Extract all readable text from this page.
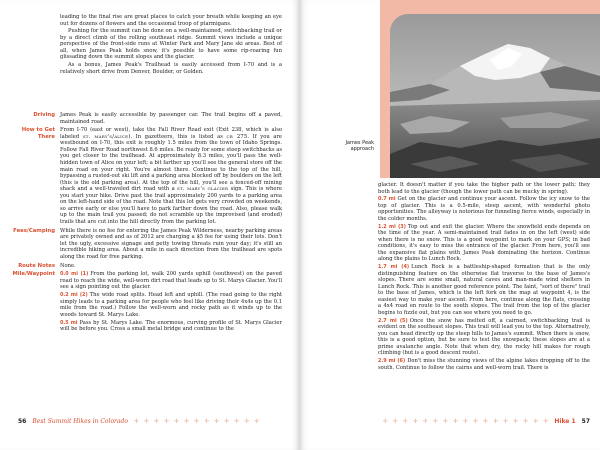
leading to the final rise are great places to catch your breath while keeping an eye out for dozens of flowers and the occasional troop of ptarmigans.

Pushing for the summit can be done on a well-maintained, switchbacking trail or by a direct climb of the rolling southeast ridge. Summit views include a unique perspective of the front-side runs at Winter Park and Mary Jane ski areas. Best of all, when James Peak holds snow, it's possible to have some rip-roaring fun glissading down the summit slopes and the glacier.

As a bonus, James Peak's Trailhead is easily accessed from I-70 and is a relatively short drive from Denver, Boulder, or Golden.

Driving James Peak is easily accessible by passenger car. The trail begins off a paved, maintained road.
How to Get There
From I-70 (east or west), take the Fall River Road exit (Exit 238, which is also labeled st. mary's/alice). In gazetteers, this is listed as cr 275. If you are westbound on I-70, this exit is roughly 1.5 miles from the town of Idaho Springs. Follow Fall River Road northwest 8.6 miles. Be ready for some steep switchbacks as you get closer to the trailhead. At approximately 8.3 miles, you'll pass the well-hidden town of Alice on your left; a bit farther up you'll see the general store off the main road on your right. You're almost there. Continue to the top of the hill, bypassing a rusted-out ski lift and a parking area blocked off by boulders on the left (this is the old parking area). At the top of the hill, you'll see a fenced-off mining shack and a well-traveled dirt road with a st. mary's glacier sign. This is where you start your hike. Drive past the trail approximately 200 yards to a parking area on the left-hand side of the road. Note that this lot gets very crowded on weekends, so arrive early or else you'll have to park farther down the road. Also, please walk up to the main trail you passed; do not scramble up the improvised (and eroded) trails that are cut into the hill directly from the parking lot.
Fees/Camping While there is no fee for entering the James Peak Wilderness, nearby parking areas are privately owned and as of 2012 are charging a $5 fee for using their lots. Don't let the ugly, excessive signage and petty towing threats ruin your day; it's still an incredible hiking area. About a mile in each direction from the trailhead are spots along the road for free parking.
Route Notes None.
Mile/Waypoint	0.0 mi (1) From the parking lot, walk 200 yards uphill (southwest) on the paved road to reach the wide, well-worn dirt road that leads up to St. Marys Glacier. You'll see a sign pointing out the glacier.

0.2 mi (2) The wide road splits. Head left and uphill. (The road going to the right simply leads to a parking area for people who feel like driving their 4x4s up the 0.1 mile from the road.) Follow the well-worn and rocky path as it winds up to the woods toward St. Marys Lake.

0.5 mi Pass by St. Marys Lake. The enormous, curving profile of St. Marys Glacier will be before you. Cross a small metal bridge and continue to the

56 Best Summit Hikes in Colorado ✛ ✛ ✛ ✛ ✛ ✛ ✛ ✛ ✛ ✛ ✛ ✛ ✛
James Peak approach

glacier. It doesn't matter if you take the higher path or the lower path; they both lead to the glacier (though the lower path can be mucky in spring).

0.7 mi Get on the glacier and continue your ascent. Follow the icy snow to the top of glacier. This is a 0.5-mile, steep ascent, with wonderful photo opportunities. The alleyway is notorious for funneling fierce winds, especially in the colder months.

1.2 mi (3) Top out and exit the glacier. Where the snowfield ends depends on the time of the year. A semi-maintained trail fades in on the left (west) side when there is no snow. This is a good waypoint to mark on your GPS; in bad conditions, it's easy to miss the entrance of the glacier. From here, you'll see the expansive flat plains with James Peak dominating the horizon. Continue along the plains to Lunch Rock.

1.7 mi (4) Lunch Rock is a battleship-shaped formation that is the only distinguishing feature on the otherwise flat traverse to the base of James's slopes. There are some small, natural caves and man-made wind shelters in Lunch Rock. This is another good reference point. The faint, "sort of there" trail to the base of James, which is the left fork on the map at waypoint 4, is the easiest way to make your ascent. From here, continue along the flats, crossing a 4x4 road en route to the south slopes. The trail from the top of the glacier begins to fizzle out, but you can see where you need to go.

2.7 mi (5) Once the snow has melted off, a cairned, switchbacking trail is evident on the southeast slopes. This trail will lead you to the top. Alternatively, you can head directly up the steep hills to James's summit. When there is snow, this is a good option, but be sure to test the snowpack; these slopes are at a prime avalanche angle. Note that when dry, the rocky hill makes for rough climbing (but is a good descent route).

2.9 mi (6) Don't miss the stunning views of the alpine lakes dropping off to the south. Continue to follow the cairns and well-worn trail. There is

✛ ✛ ✛ ✛ ✛ ✛ ✛ ✛ ✛ ✛ ✛ ✛ ✛ ✛ ✛ ✛ ✛ Hike 1 57
